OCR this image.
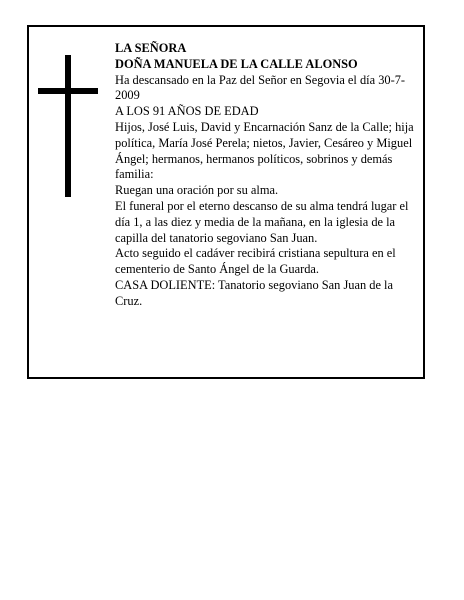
LA SEÑORA

DOÑA MANUELA DE LA CALLE ALONSO

Ha descansado en la Paz del Señor en Segovia el día 30-7-2009

A LOS 91 AÑOS DE EDAD

Hijos, José Luis, David y Encarnación Sanz de la Calle; hija política, María José Perela; nietos, Javier, Cesáreo y Miguel Ángel; hermanos, hermanos políticos, sobrinos y demás familia:

Ruegan una oración por su alma.

El funeral por el eterno descanso de su alma tendrá lugar el día 1, a las diez y media de la mañana, en la iglesia de la capilla del tanatorio segoviano San Juan.

Acto seguido el cadáver recibirá cristiana sepultura en el cementerio de Santo Ángel de la Guarda.

CASA DOLIENTE: Tanatorio segoviano San Juan de la Cruz.
